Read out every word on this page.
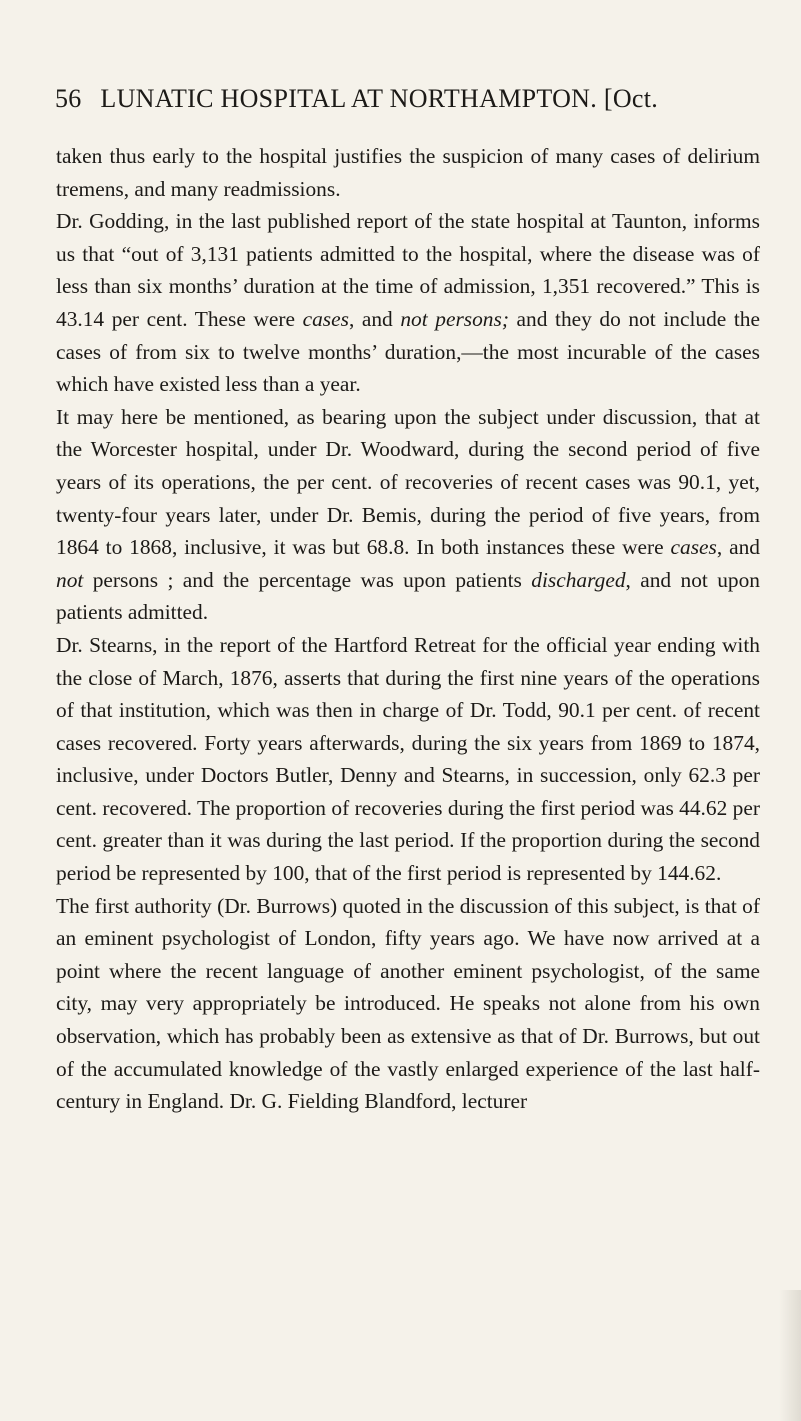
56 LUNATIC HOSPITAL AT NORTHAMPTON. [Oct.

taken thus early to the hospital justifies the suspicion of many cases of delirium tremens, and many readmissions.

Dr. Godding, in the last published report of the state hospital at Taunton, informs us that “out of 3,131 patients admitted to the hospital, where the disease was of less than six months’ duration at the time of admission, 1,351 recovered.” This is 43.14 per cent. These were cases, and not persons; and they do not include the cases of from six to twelve months’ duration,—the most incurable of the cases which have existed less than a year.

It may here be mentioned, as bearing upon the subject under discussion, that at the Worcester hospital, under Dr. Woodward, during the second period of five years of its operations, the per cent. of recoveries of recent cases was 90.1, yet, twenty-four years later, under Dr. Bemis, during the period of five years, from 1864 to 1868, inclusive, it was but 68.8. In both instances these were cases, and not persons ; and the percentage was upon patients discharged, and not upon patients admitted.

Dr. Stearns, in the report of the Hartford Retreat for the official year ending with the close of March, 1876, asserts that during the first nine years of the operations of that institution, which was then in charge of Dr. Todd, 90.1 per cent. of recent cases recovered. Forty years afterwards, during the six years from 1869 to 1874, inclusive, under Doctors Butler, Denny and Stearns, in succession, only 62.3 per cent. recovered. The proportion of recoveries during the first period was 44.62 per cent. greater than it was during the last period. If the proportion during the second period be represented by 100, that of the first period is represented by 144.62.

The first authority (Dr. Burrows) quoted in the discussion of this subject, is that of an eminent psychologist of London, fifty years ago. We have now arrived at a point where the recent language of another eminent psychologist, of the same city, may very appropriately be introduced. He speaks not alone from his own observation, which has probably been as extensive as that of Dr. Burrows, but out of the accumulated knowledge of the vastly enlarged experience of the last half-century in England. Dr. G. Fielding Blandford, lecturer
